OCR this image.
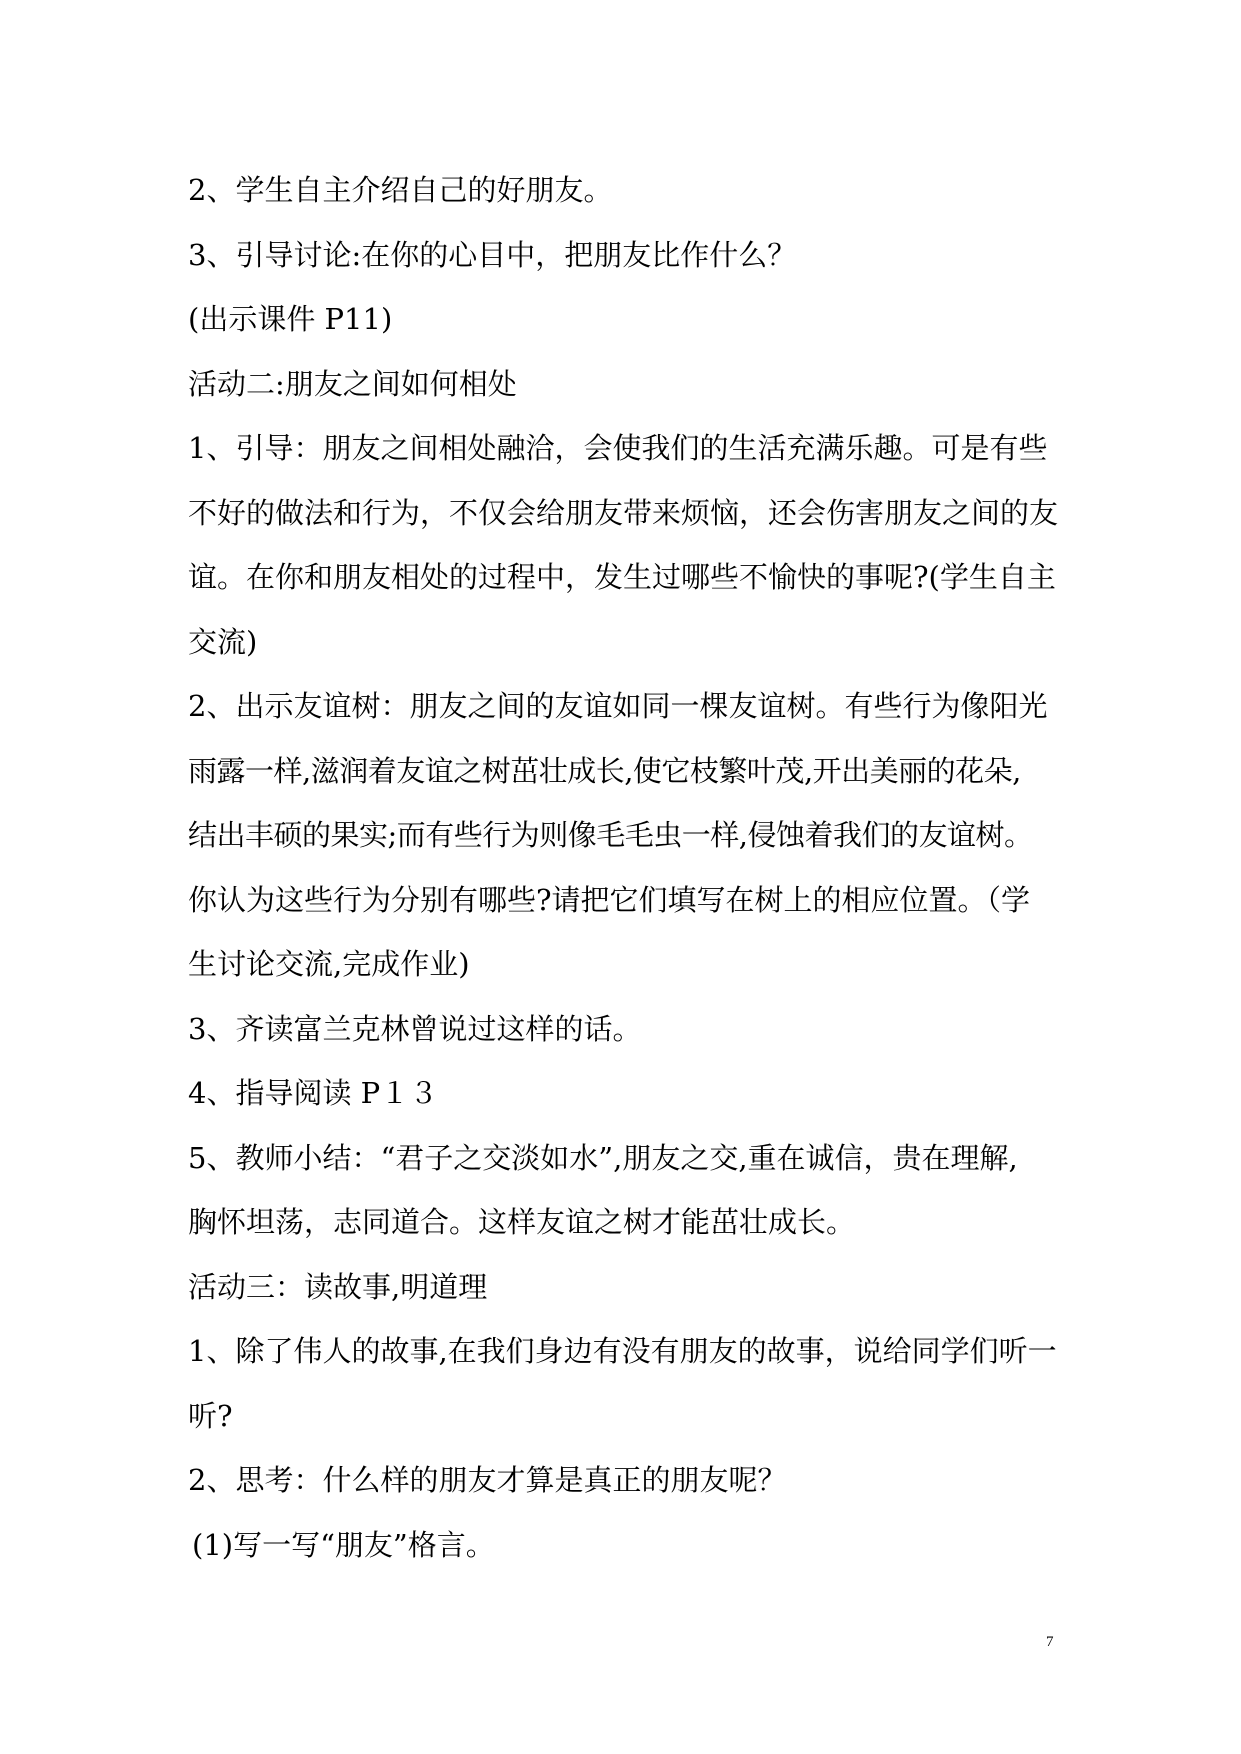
2、学生自主介绍自己的好朋友。
3、引导讨论:在你的心目中，把朋友比作什么？
(出示课件 P11)
活动二:朋友之间如何相处
1、引导：朋友之间相处融洽，会使我们的生活充满乐趣。可是有些
不好的做法和行为，不仅会给朋友带来烦恼，还会伤害朋友之间的友
谊。在你和朋友相处的过程中，发生过哪些不愉快的事呢?(学生自主
交流)
2、出示友谊树：朋友之间的友谊如同一棵友谊树。有些行为像阳光
雨露一样,滋润着友谊之树茁壮成长,使它枝繁叶茂,开出美丽的花朵,
结出丰硕的果实;而有些行为则像毛毛虫一样,侵蚀着我们的友谊树。
你认为这些行为分别有哪些?请把它们填写在树上的相应位置。（学
生讨论交流,完成作业)
3、齐读富兰克林曾说过这样的话。
4、指导阅读 P１３
5、教师小结：“君子之交淡如水”,朋友之交,重在诚信，贵在理解,
胸怀坦荡，志同道合。这样友谊之树才能茁壮成长。
活动三：读故事,明道理
1、除了伟人的故事,在我们身边有没有朋友的故事，说给同学们听一
听?
2、思考：什么样的朋友才算是真正的朋友呢？
(1)写一写“朋友”格言。
7
